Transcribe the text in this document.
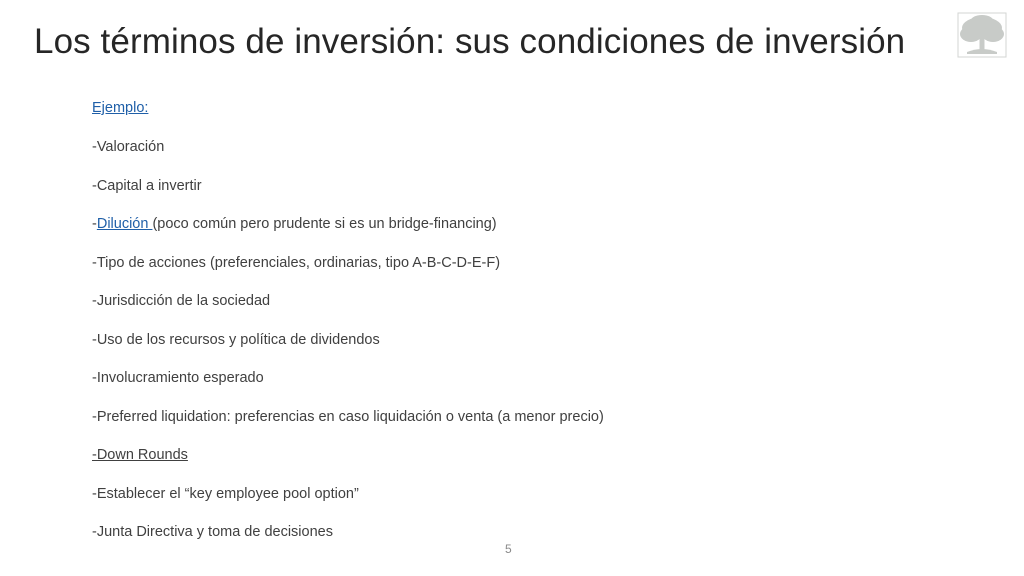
Los términos de inversión: sus condiciones de inversión
Ejemplo:
-Valoración
-Capital a invertir
-Dilución (poco común pero prudente si es un bridge-financing)
-Tipo de acciones (preferenciales, ordinarias, tipo A-B-C-D-E-F)
-Jurisdicción de la sociedad
-Uso de los recursos y política de dividendos
-Involucramiento esperado
-Preferred liquidation: preferencias en caso liquidación o venta (a menor precio)
-Down Rounds
-Establecer el “key employee pool option”
-Junta Directiva y toma de decisiones
5
